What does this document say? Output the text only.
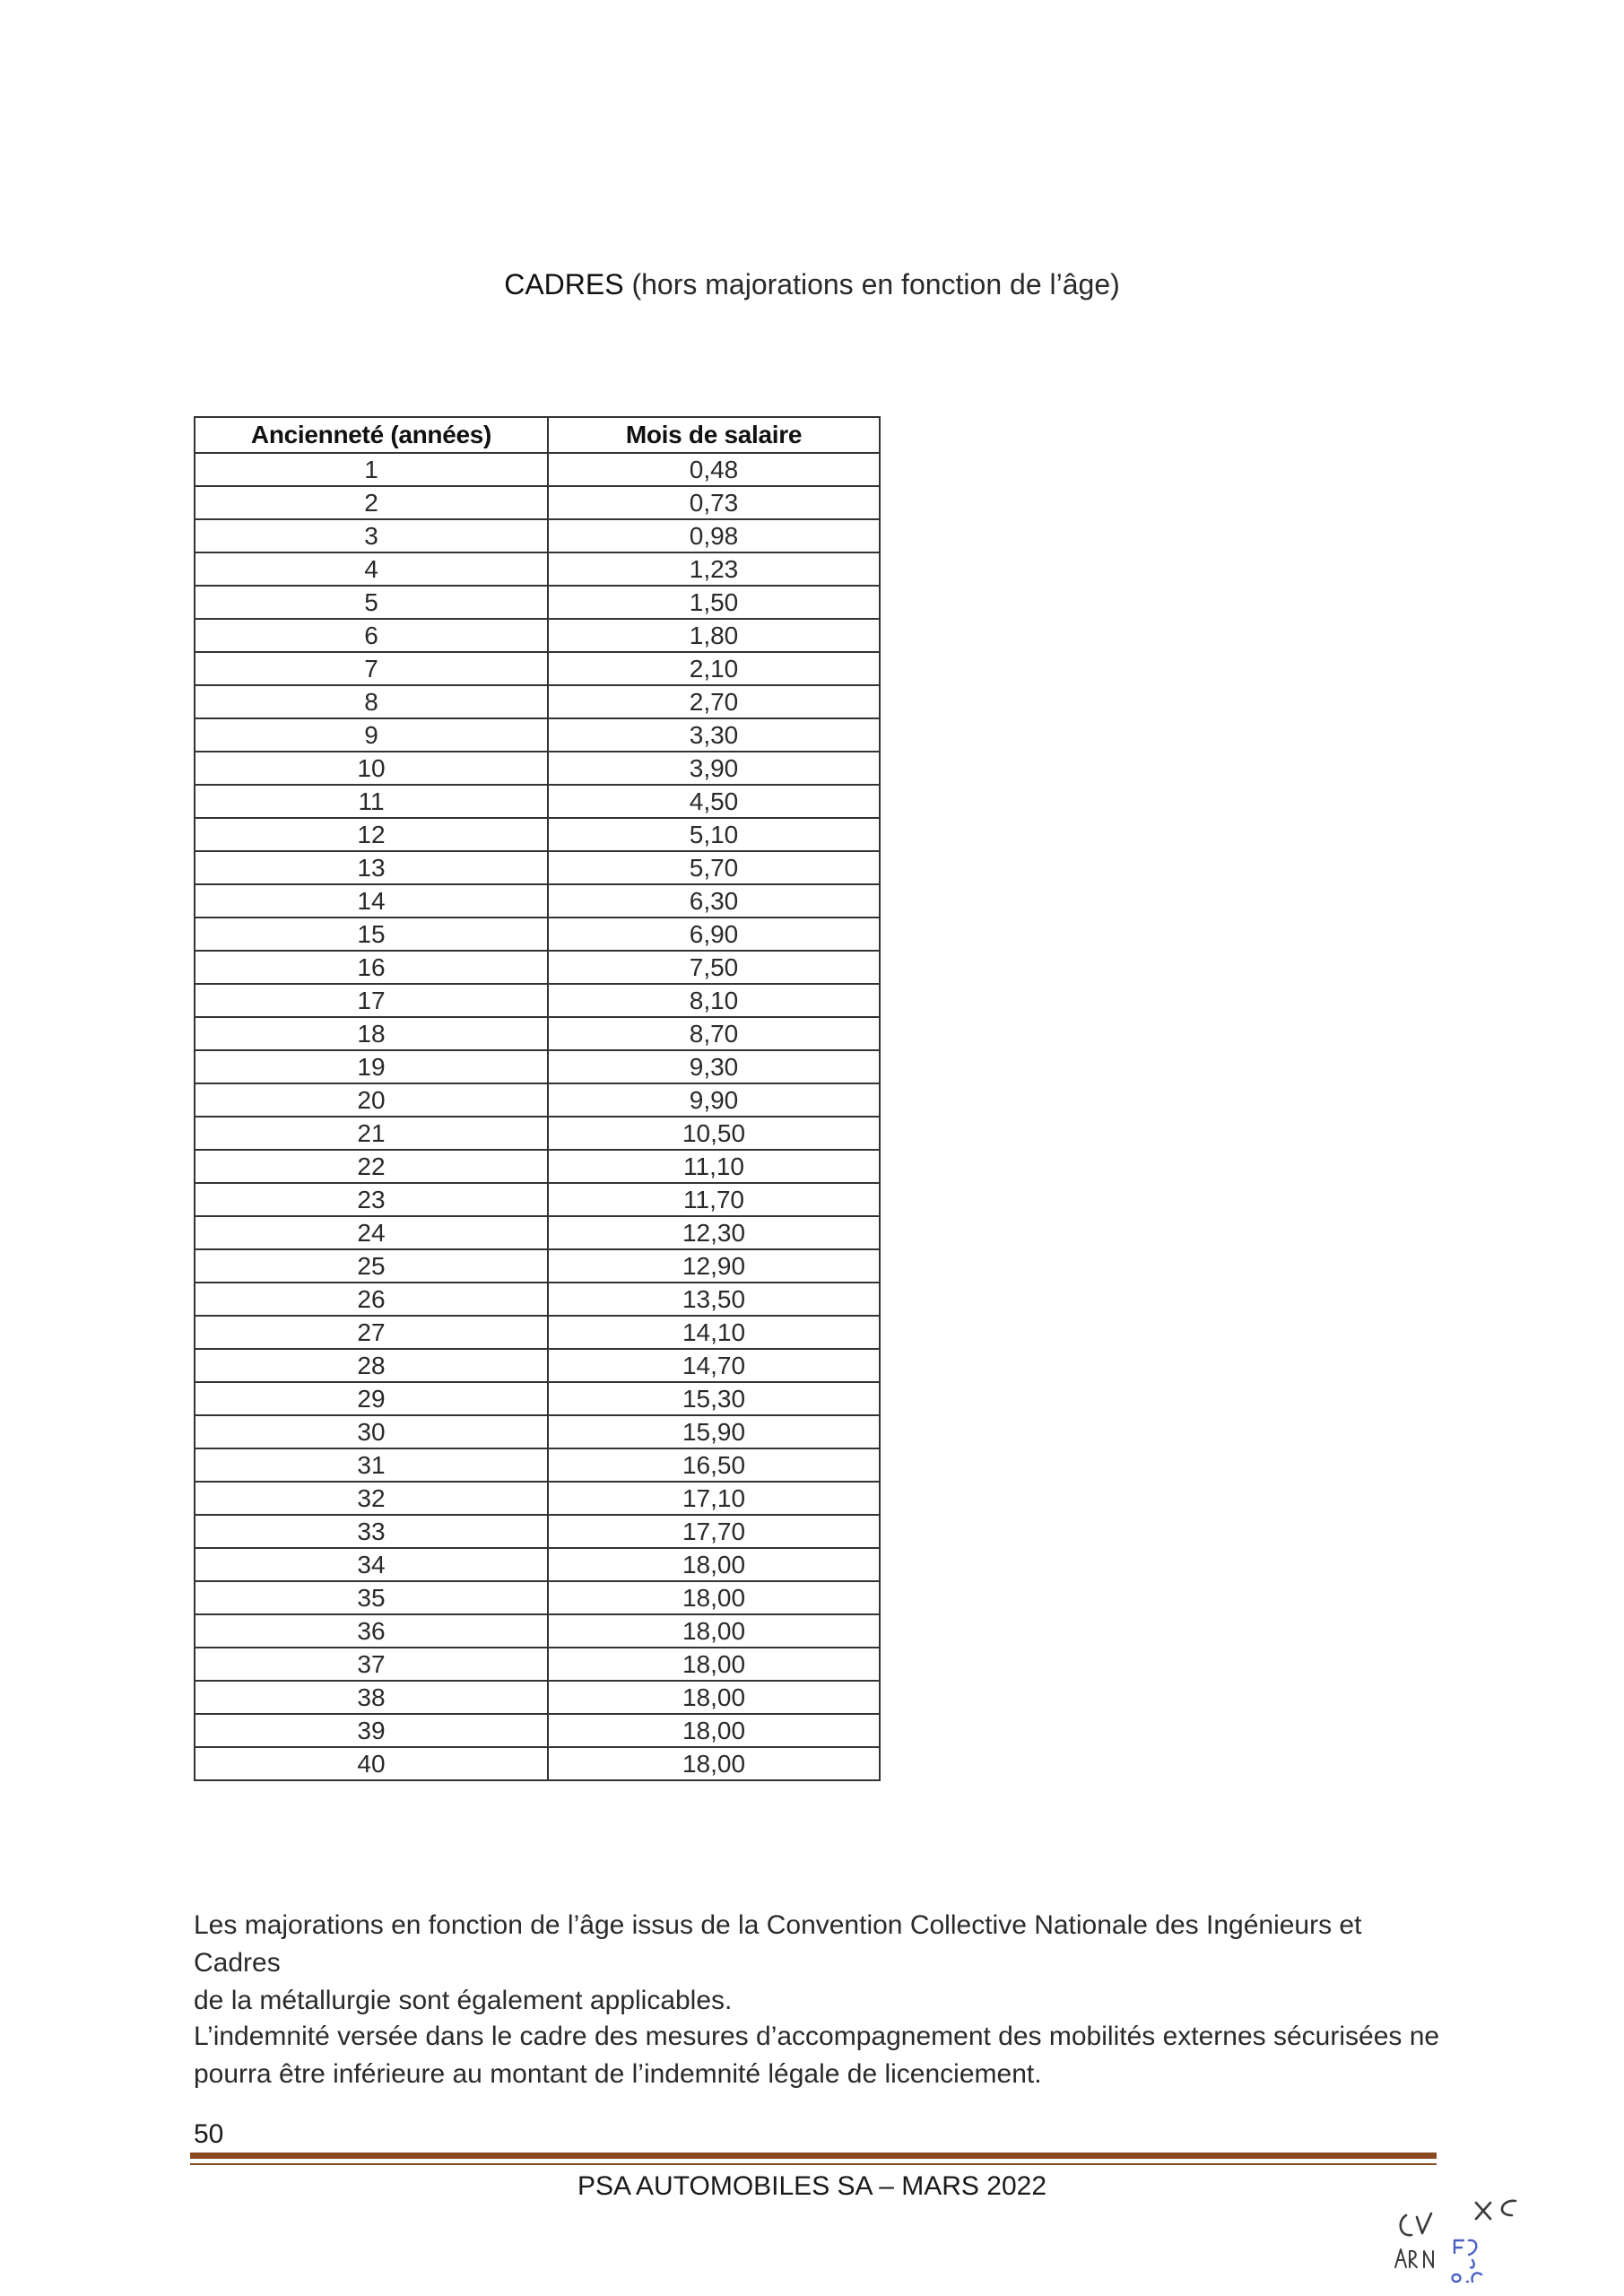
CADRES (hors majorations en fonction de l’âge)
Ancienneté (années)	Mois de salaire
1	0,48
2	0,73
3	0,98
4	1,23
5	1,50
6	1,80
7	2,10
8	2,70
9	3,30
10	3,90
11	4,50
12	5,10
13	5,70
14	6,30
15	6,90
16	7,50
17	8,10
18	8,70
19	9,30
20	9,90
21	10,50
22	11,10
23	11,70
24	12,30
25	12,90
26	13,50
27	14,10
28	14,70
29	15,30
30	15,90
31	16,50
32	17,10
33	17,70
34	18,00
35	18,00
36	18,00
37	18,00
38	18,00
39	18,00
40	18,00

Les majorations en fonction de l’âge issus de la Convention Collective Nationale des Ingénieurs et Cadres
de la métallurgie sont également applicables.

L’indemnité versée dans le cadre des mesures d’accompagnement des mobilités externes sécurisées ne
pourra être inférieure au montant de l’indemnité légale de licenciement.

50
PSA AUTOMOBILES SA – MARS 2022
